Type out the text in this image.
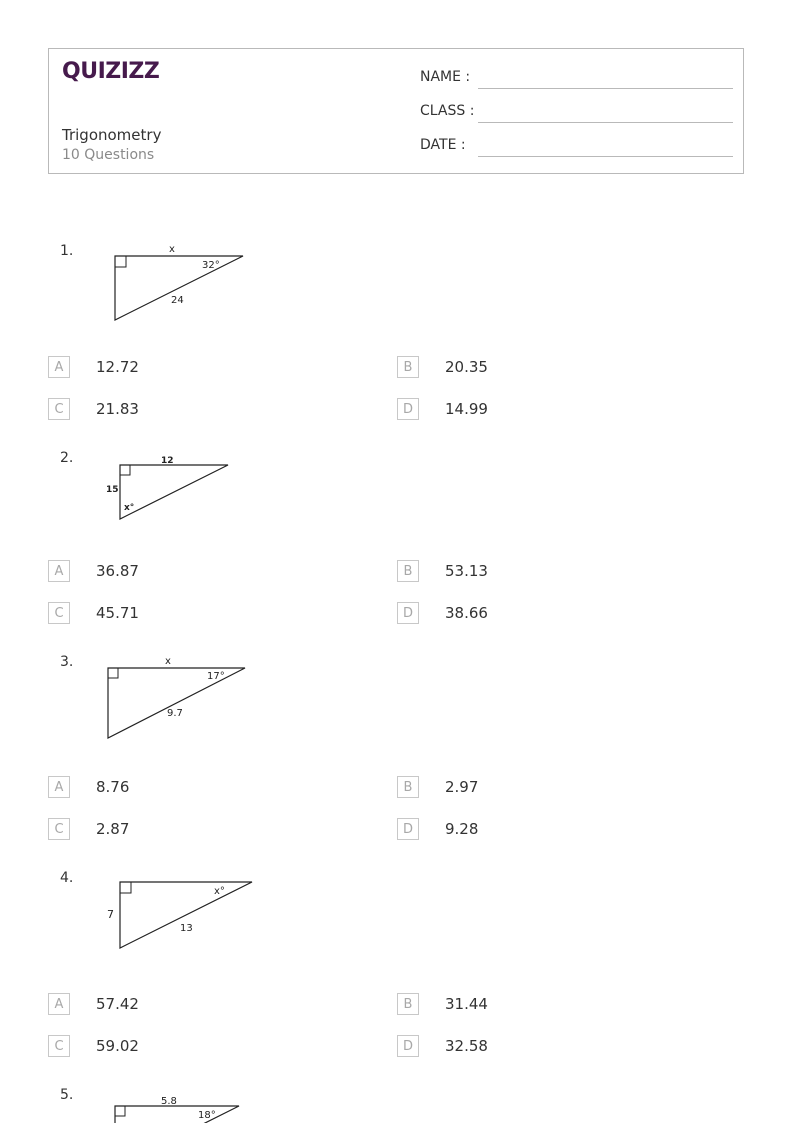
QUIZIZZ
Trigonometry
10 Questions
NAME :
CLASS :
DATE :
1.	x
32°
24
A	12.72	B	20.35
C	21.83	D	14.99
2.	12
15
x°
A	36.87	B	53.13
C	45.71	D	38.66
3.	x
17°
9.7
A	8.76	B	2.97
C	2.87	D	9.28
4.
x°
7
13
A	57.42	B	31.44
C	59.02	D	32.58
5.	5.8
18°
